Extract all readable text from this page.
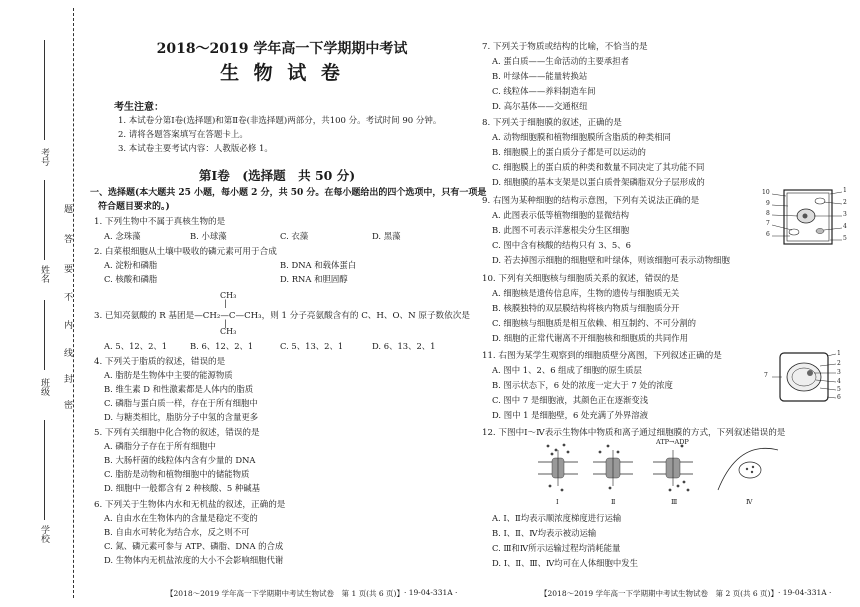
考号
姓名
班级
学校
题
答
要
不
内
线
封
密
2018～2019 学年高一下学期期中考试
生 物 试 卷
考生注意：
1. 本试卷分第Ⅰ卷(选择题)和第Ⅱ卷(非选择题)两部分，共100 分。考试时间 90 分钟。
2. 请将各题答案填写在答题卡上。
3. 本试卷主要考试内容：人教版必修 1。
第Ⅰ卷　(选择题　共 50 分)
一、选择题(本大题共 25 小题，每小题 2 分，共 50 分。在每小题给出的四个选项中，只有一项是
符合题目要求的。)
1. 下列生物中不属于真核生物的是
A. 念珠藻	B. 小球藻	C. 衣藻	D. 黑藻
2. 白菜根细胞从土壤中吸收的磷元素可用于合成
A. 淀粉和磷脂	B. DNA 和载体蛋白
C. 核酸和磷脂	D. RNA 和胆固醇
CH₃
|
3. 已知亮氨酸的 R 基团是—CH₂—C—CH₃，则 1 分子亮氨酸含有的 C、H、O、N 原子数依次是
|
CH₃
A. 5、12、2、1	B. 6、12、2、1	C. 5、13、2、1	D. 6、13、2、1
4. 下列关于脂质的叙述，错误的是
A. 脂肪是生物体中主要的能源物质
B. 维生素 D 和性激素都是人体内的脂质
C. 磷脂与蛋白质一样，存在于所有细胞中
D. 与糖类相比，脂肪分子中氢的含量更多
5. 下列有关细胞中化合物的叙述，错误的是
A. 磷脂分子存在于所有细胞中
B. 大肠杆菌的线粒体内含有少量的 DNA
C. 脂肪是动物和植物细胞中的储能物质
D. 细胞中一般都含有 2 种核酸、5 种碱基
6. 下列关于生物体内水和无机盐的叙述，正确的是
A. 自由水在生物体内的含量是稳定不变的
B. 自由水可转化为结合水，反之则不可
C. 氮、磷元素可参与 ATP、磷脂、DNA 的合成
D. 生物体内无机盐浓度的大小不会影响细胞代谢
【2018～2019 学年高一下学期期中考试生物试卷　第 1 页(共 6 页)】 · 19-04-331A ·
7. 下列关于物质或结构的比喻，不恰当的是
A. 蛋白质——生命活动的主要承担者
B. 叶绿体——能量转换站
C. 线粒体——养料制造车间
D. 高尔基体——交通枢纽
8. 下列关于细胞膜的叙述，正确的是
A. 动物细胞膜和植物细胞膜所含脂质的种类相同
B. 细胞膜上的蛋白质分子都是可以运动的
C. 细胞膜上的蛋白质的种类和数量不同决定了其功能不同
D. 细胞膜的基本支架是以蛋白质骨架磷脂双分子层形成的
9. 右图为某种细胞的结构示意图，下列有关说法正确的是
A. 此图表示低等植物细胞的显微结构
B. 此图不可表示洋葱根尖分生区细胞
C. 图中含有核酸的结构只有 3、5、6
D. 若去掉图示细胞的细胞壁和叶绿体，则该细胞可表示动物细胞
10
9
8
7
6
1
2
3
4
5
10. 下列有关细胞核与细胞质关系的叙述，错误的是
A. 细胞核是遗传信息库，生物的遗传与细胞质无关
B. 核膜独特的双层膜结构将核内物质与细胞质分开
C. 细胞核与细胞质是相互依赖、相互制约、不可分割的
D. 细胞的正常代谢离不开细胞核和细胞质的共同作用
11. 右图为某学生观察到的细胞质壁分离图，下列叙述正确的是
A. 图中 1、2、6 组成了细胞的原生质层
B. 图示状态下，6 处的浓度一定大于 7 处的浓度
C. 图中 7 是细胞液，其颜色正在逐渐变浅
D. 图中 1 是细胞壁，6 处充满了外界溶液
7
1
2
3
4
5
6
12. 下图中Ⅰ～Ⅳ表示生物体中物质和离子通过细胞膜的方式，下列叙述错误的是
ATP→ADP
Ⅰ	Ⅱ	Ⅲ	Ⅳ
A. Ⅰ、Ⅱ均表示顺浓度梯度进行运输
B. Ⅰ、Ⅱ、Ⅳ均表示被动运输
C. Ⅲ和Ⅳ所示运输过程均消耗能量
D. Ⅰ、Ⅱ、Ⅲ、Ⅳ均可在人体细胞中发生
【2018～2019 学年高一下学期期中考试生物试卷　第 2 页(共 6 页)】 · 19-04-331A ·
